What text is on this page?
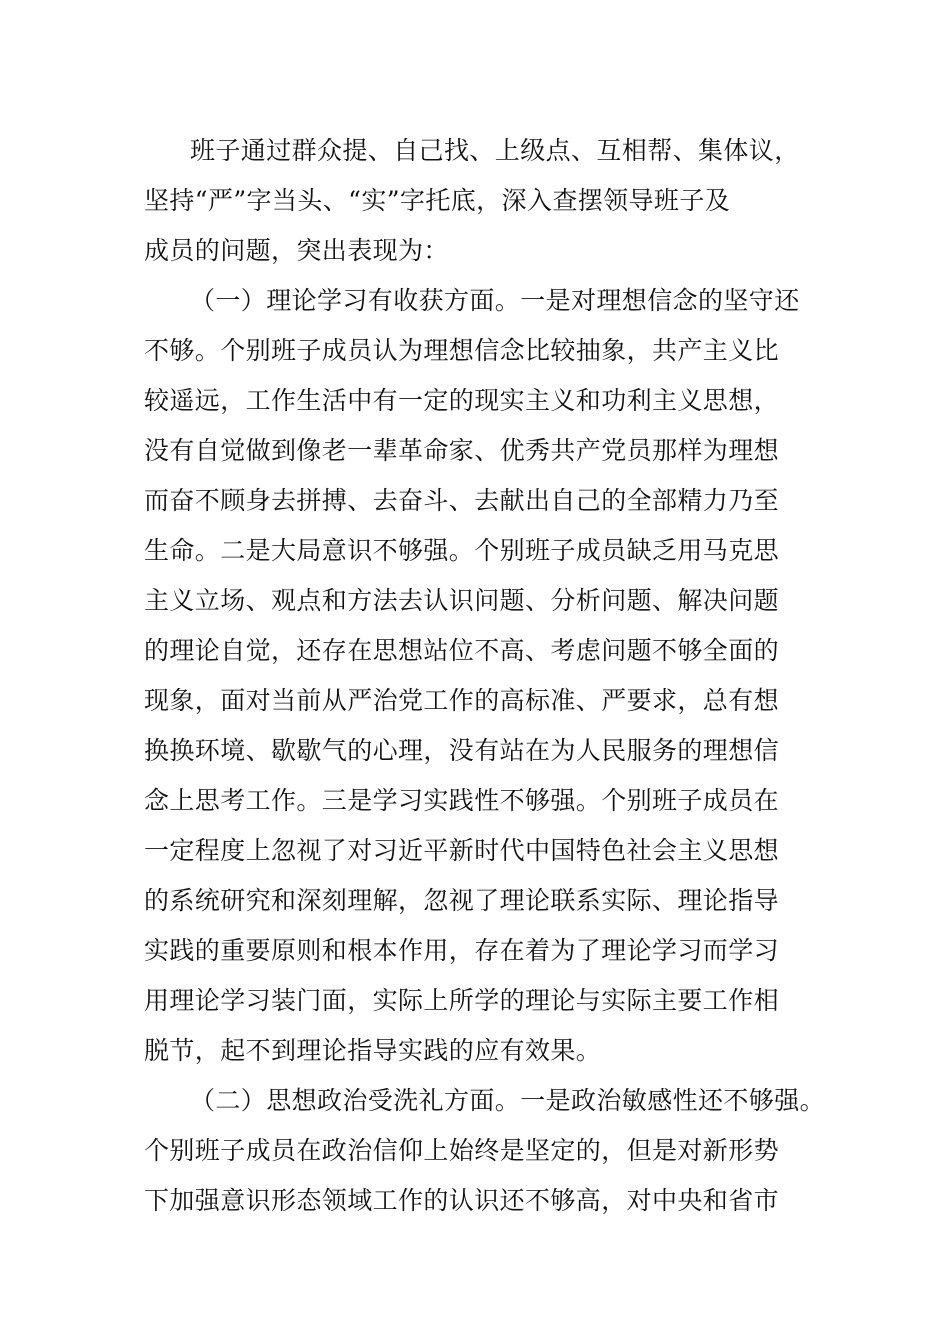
班子通过群众提、自己找、上级点、互相帮、集体议，
坚持“严”字当头、“实”字托底，深入查摆领导班子及
成员的问题，突出表现为：
（一）理论学习有收获方面。一是对理想信念的坚守还
不够。个别班子成员认为理想信念比较抽象，共产主义比
较遥远，工作生活中有一定的现实主义和功利主义思想，
没有自觉做到像老一辈革命家、优秀共产党员那样为理想
而奋不顾身去拼搏、去奋斗、去献出自己的全部精力乃至
生命。二是大局意识不够强。个别班子成员缺乏用马克思
主义立场、观点和方法去认识问题、分析问题、解决问题
的理论自觉，还存在思想站位不高、考虑问题不够全面的
现象，面对当前从严治党工作的高标准、严要求，总有想
换换环境、歇歇气的心理，没有站在为人民服务的理想信
念上思考工作。三是学习实践性不够强。个别班子成员在
一定程度上忽视了对习近平新时代中国特色社会主义思想
的系统研究和深刻理解，忽视了理论联系实际、理论指导
实践的重要原则和根本作用，存在着为了理论学习而学习
用理论学习装门面，实际上所学的理论与实际主要工作相
脱节，起不到理论指导实践的应有效果。
（二）思想政治受洗礼方面。一是政治敏感性还不够强。
个别班子成员在政治信仰上始终是坚定的，但是对新形势
下加强意识形态领域工作的认识还不够高，对中央和省市
